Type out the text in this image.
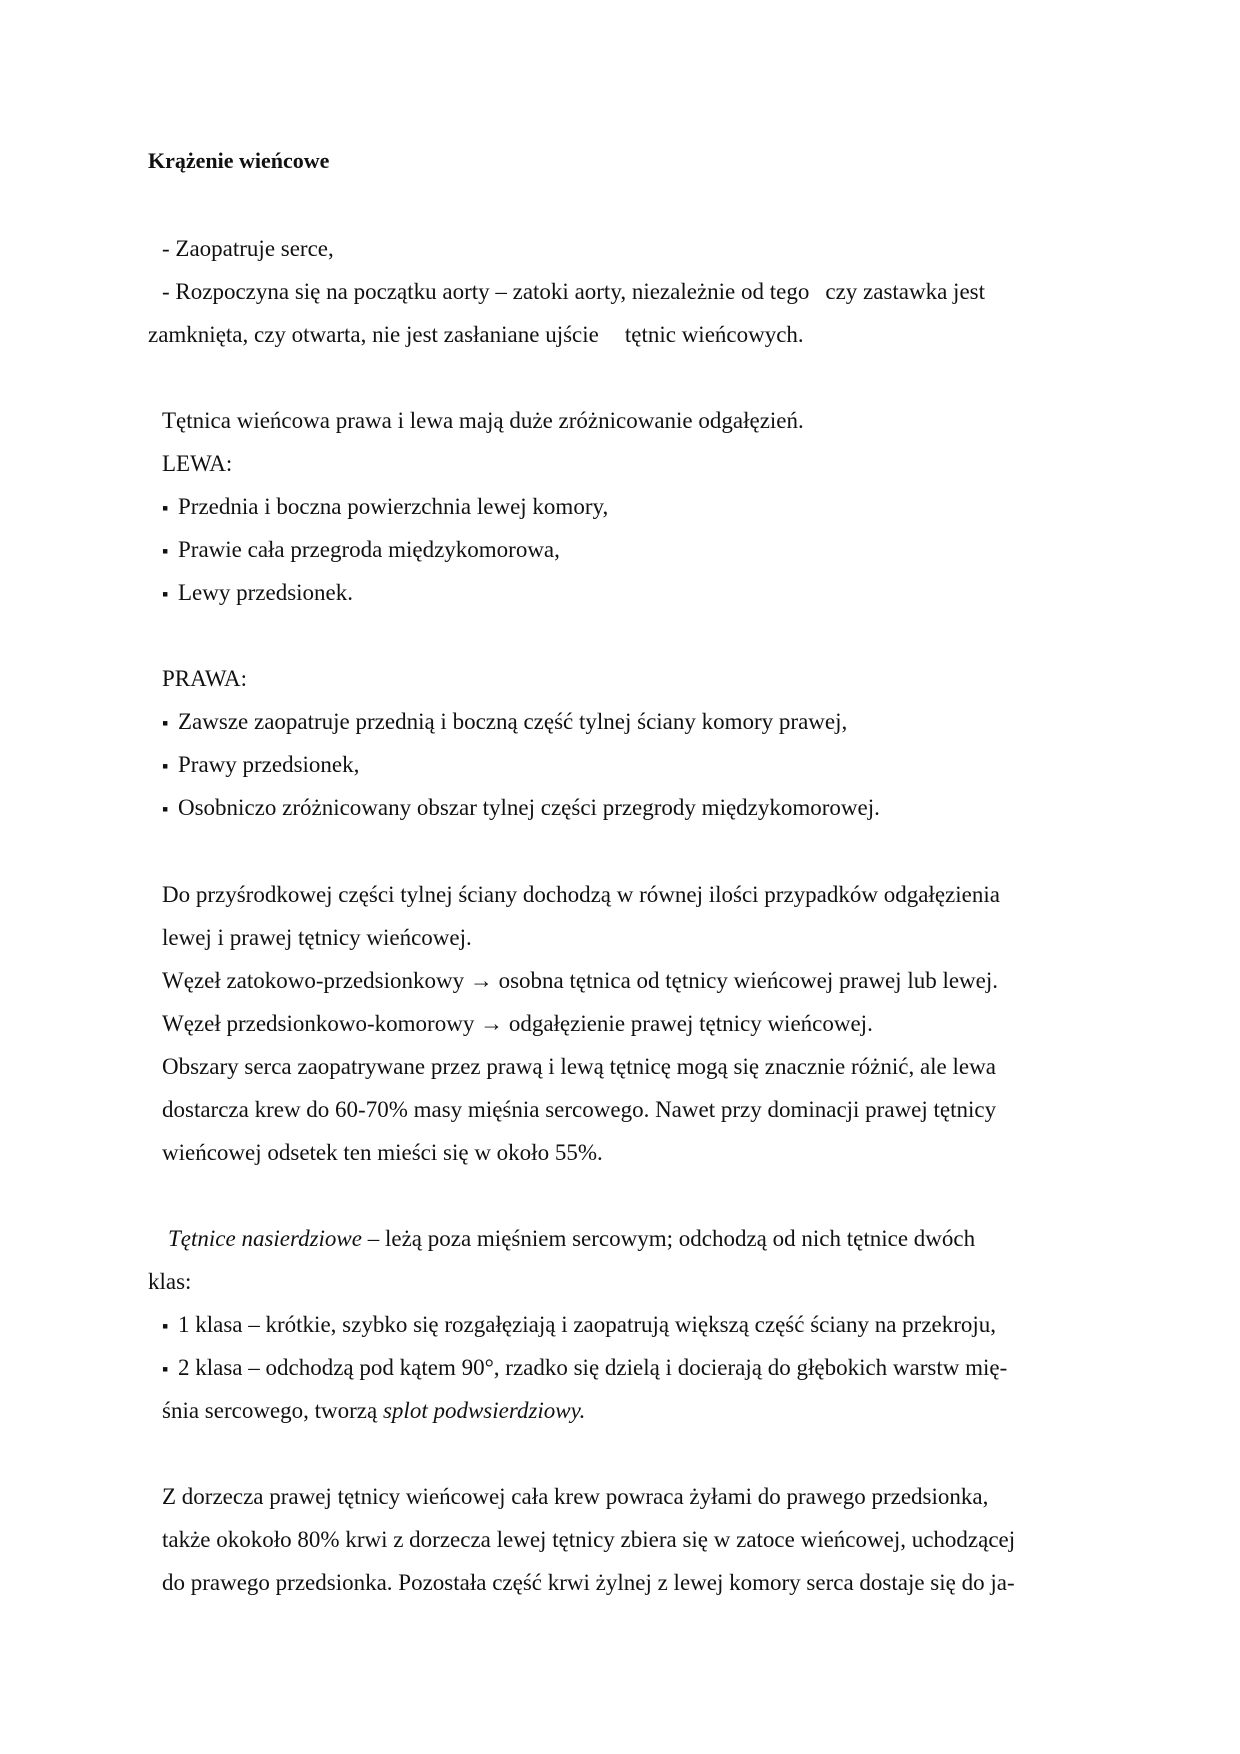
Krążenie wieńcowe
- Zaopatruje serce,
- Rozpoczyna się na początku aorty – zatoki aorty, niezależnie od tego czy zastawka jest
zamknięta, czy otwarta, nie jest zasłaniane ujście tętnic wieńcowych.
Tętnica wieńcowa prawa i lewa mają duże zróżnicowanie odgałęzień.
LEWA:
▪ Przednia i boczna powierzchnia lewej komory,
▪ Prawie cała przegroda międzykomorowa,
▪ Lewy przedsionek.
PRAWA:
▪ Zawsze zaopatruje przednią i boczną część tylnej ściany komory prawej,
▪ Prawy przedsionek,
▪ Osobniczo zróżnicowany obszar tylnej części przegrody międzykomorowej.
Do przyśrodkowej części tylnej ściany dochodzą w równej ilości przypadków odgałęzienia
lewej i prawej tętnicy wieńcowej.
Węzeł zatokowo-przedsionkowy → osobna tętnica od tętnicy wieńcowej prawej lub lewej.
Węzeł przedsionkowo-komorowy → odgałęzienie prawej tętnicy wieńcowej.
Obszary serca zaopatrywane przez prawą i lewą tętnicę mogą się znacznie różnić, ale lewa
dostarcza krew do 60-70% masy mięśnia sercowego. Nawet przy dominacji prawej tętnicy
wieńcowej odsetek ten mieści się w około 55%.
Tętnice nasierdziowe – leżą poza mięśniem sercowym; odchodzą od nich tętnice dwóch
klas:
▪ 1 klasa – krótkie, szybko się rozgałęziają i zaopatrują większą część ściany na przekroju,
▪ 2 klasa – odchodzą pod kątem 90°, rzadko się dzielą i docierają do głębokich warstw mię-
śnia sercowego, tworzą splot podwsierdziowy.
Z dorzecza prawej tętnicy wieńcowej cała krew powraca żyłami do prawego przedsionka,
także okokoło 80% krwi z dorzecza lewej tętnicy zbiera się w zatoce wieńcowej, uchodzącej
do prawego przedsionka. Pozostała część krwi żylnej z lewej komory serca dostaje się do ja-
